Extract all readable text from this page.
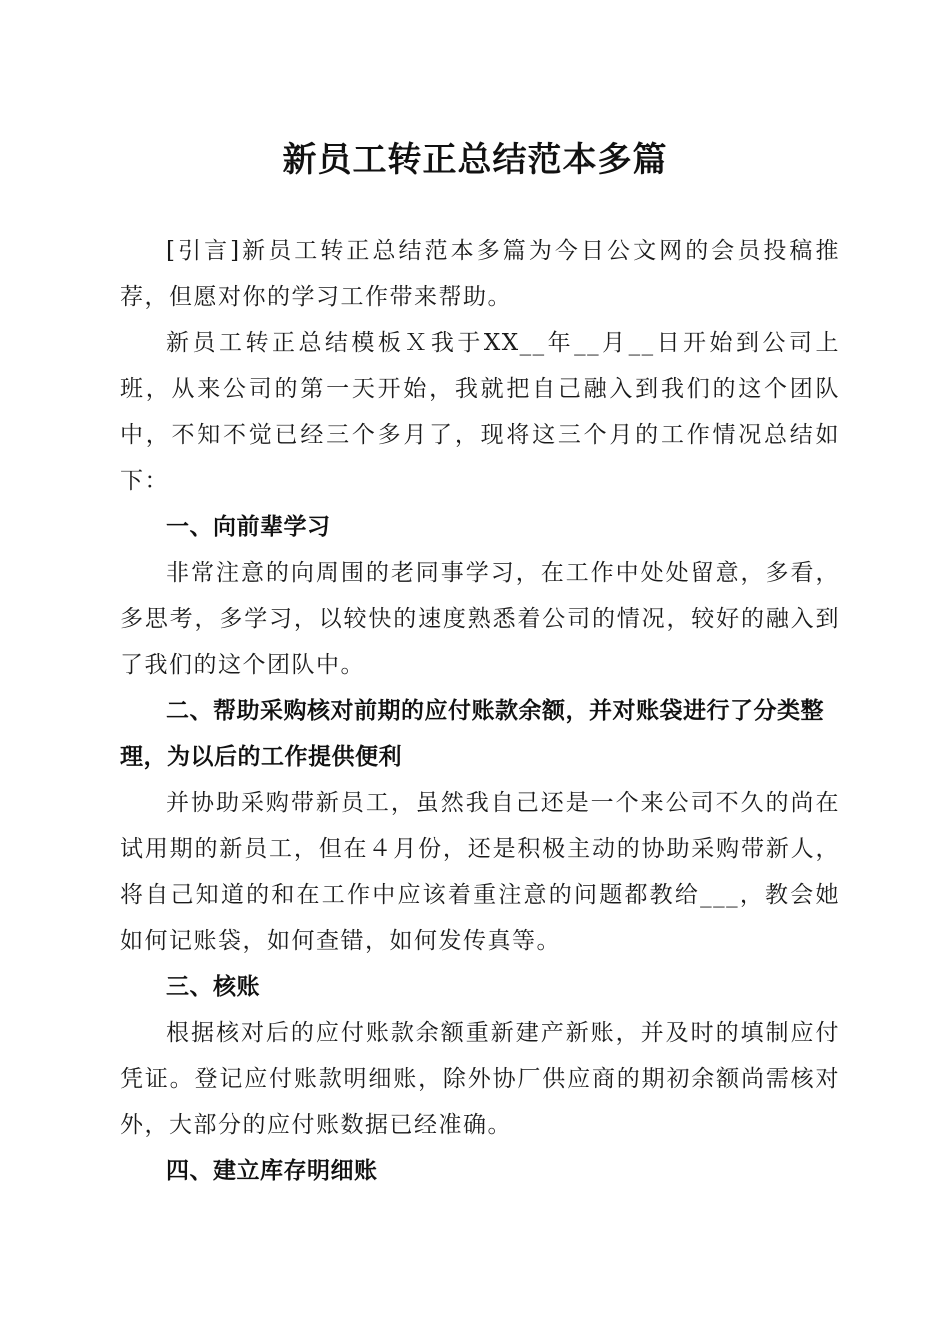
新员工转正总结范本多篇

[引言]新员工转正总结范本多篇为今日公文网的会员投稿推荐，但愿对你的学习工作带来帮助。

新员工转正总结模板Ｘ我于XX__年__月__日开始到公司上班，从来公司的第一天开始，我就把自己融入到我们的这个团队中，不知不觉已经三个多月了，现将这三个月的工作情况总结如下：

一、向前辈学习

非常注意的向周围的老同事学习，在工作中处处留意，多看，多思考，多学习，以较快的速度熟悉着公司的情况，较好的融入到了我们的这个团队中。

二、帮助采购核对前期的应付账款余额，并对账袋进行了分类整理，为以后的工作提供便利

并协助采购带新员工，虽然我自己还是一个来公司不久的尚在试用期的新员工，但在４月份，还是积极主动的协助采购带新人，将自己知道的和在工作中应该着重注意的问题都教给___，教会她如何记账袋，如何查错，如何发传真等。

三、核账

根据核对后的应付账款余额重新建产新账，并及时的填制应付凭证。登记应付账款明细账，除外协厂供应商的期初余额尚需核对外，大部分的应付账数据已经准确。

四、建立库存明细账
